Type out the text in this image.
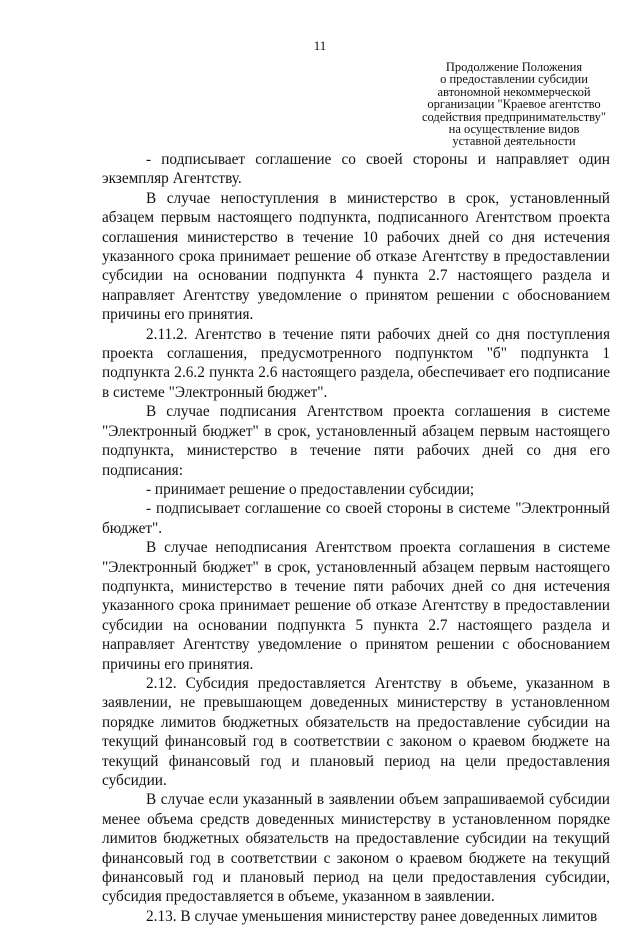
11
Продолжение Положения
о предоставлении субсидии
автономной некоммерческой
организации "Краевое агентство
содействия предпринимательству"
на осуществление видов
уставной деятельности

- подписывает соглашение со своей стороны и направляет один экземпляр Агентству.

В случае непоступления в министерство в срок, установленный абзацем первым настоящего подпункта, подписанного Агентством проекта соглашения министерство в течение 10 рабочих дней со дня истечения указанного срока принимает решение об отказе Агентству в предоставлении субсидии на основании подпункта 4 пункта 2.7 настоящего раздела и направляет Агентству уведомление о принятом решении с обоснованием причины его принятия.

2.11.2. Агентство в течение пяти рабочих дней со дня поступления проекта соглашения, предусмотренного подпунктом "б" подпункта 1 подпункта 2.6.2 пункта 2.6 настоящего раздела, обеспечивает его подписание в системе "Электронный бюджет".

В случае подписания Агентством проекта соглашения в системе "Электронный бюджет" в срок, установленный абзацем первым настоящего подпункта, министерство в течение пяти рабочих дней со дня его подписания:

- принимает решение о предоставлении субсидии;

- подписывает соглашение со своей стороны в системе "Электронный бюджет".

В случае неподписания Агентством проекта соглашения в системе "Электронный бюджет" в срок, установленный абзацем первым настоящего подпункта, министерство в течение пяти рабочих дней со дня истечения указанного срока принимает решение об отказе Агентству в предоставлении субсидии на основании подпункта 5 пункта 2.7 настоящего раздела и направляет Агентству уведомление о принятом решении с обоснованием причины его принятия.

2.12. Субсидия предоставляется Агентству в объеме, указанном в заявлении, не превышающем доведенных министерству в установленном порядке лимитов бюджетных обязательств на предоставление субсидии на текущий финансовый год в соответствии с законом о краевом бюджете на текущий финансовый год и плановый период на цели предоставления субсидии.

В случае если указанный в заявлении объем запрашиваемой субсидии менее объема средств доведенных министерству в установленном порядке лимитов бюджетных обязательств на предоставление субсидии на текущий финансовый год в соответствии с законом о краевом бюджете на текущий финансовый год и плановый период на цели предоставления субсидии, субсидия предоставляется в объеме, указанном в заявлении.

2.13. В случае уменьшения министерству ранее доведенных лимитов
